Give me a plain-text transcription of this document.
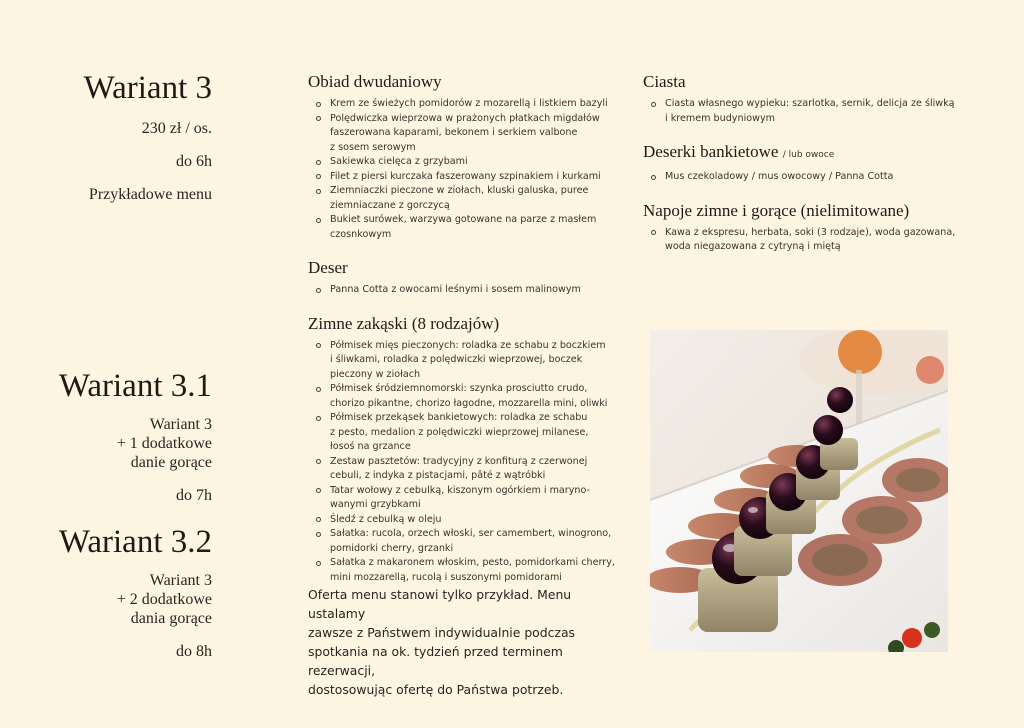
Wariant 3
230 zł / os.
do 6h
Przykładowe menu
Wariant 3.1
Wariant 3
+ 1 dodatkowe
danie gorące
do 7h
Wariant 3.2
Wariant 3
+ 2 dodatkowe
dania gorące
do 8h
Obiad dwudaniowy
Krem ze świeżych pomidorów z mozarellą i listkiem bazyli
Polędwiczka wieprzowa w prażonych płatkach migdałów
faszerowana kaparami, bekonem i serkiem valbone
z sosem serowym
Sakiewka cielęca z grzybami
Filet z piersi kurczaka faszerowany szpinakiem i kurkami
Ziemniaczki pieczone w ziołach, kluski galuska, puree
ziemniaczane z gorczycą
Bukiet surówek, warzywa gotowane na parze z masłem
czosnkowym
Deser
Panna Cotta z owocami leśnymi i sosem malinowym
Zimne zakąski (8 rodzajów)
Półmisek mięs pieczonych: roladka ze schabu z boczkiem
i śliwkami, roladka z polędwiczki wieprzowej, boczek
pieczony w ziołach
Półmisek śródziemnomorski: szynka prosciutto crudo,
chorizo pikantne, chorizo łagodne, mozzarella mini, oliwki
Półmisek przekąsek bankietowych: roladka ze schabu
z pesto, medalion z polędwiczki wieprzowej milanese,
łosoś na grzance
Zestaw pasztetów: tradycyjny z konfiturą z czerwonej
cebuli, z indyka z pistacjami, pâté z wątróbki
Tatar wołowy z cebulką, kiszonym ogórkiem i maryno-
wanymi grzybkami
Śledź z cebulką w oleju
Sałatka: rucola, orzech włoski, ser camembert, winogrono,
pomidorki cherry, grzanki
Sałatka z makaronem włoskim, pesto, pomidorkami cherry,
mini mozzarellą, rucolą i suszonymi pomidorami
Ciasta
Ciasta własnego wypieku: szarlotka, sernik, delicja ze śliwką
i kremem budyniowym
Deserki bankietowe / lub owoce
Mus czekoladowy / mus owocowy / Panna Cotta
Napoje zimne i gorące (nielimitowane)
Kawa z ekspresu, herbata, soki (3 rodzaje), woda gazowana,
woda niegazowana z cytryną i miętą
Oferta menu stanowi tylko przykład. Menu ustalamy
zawsze z Państwem indywidualnie podczas
spotkania na ok. tydzień przed terminem rezerwacji,
dostosowując ofertę do Państwa potrzeb.
